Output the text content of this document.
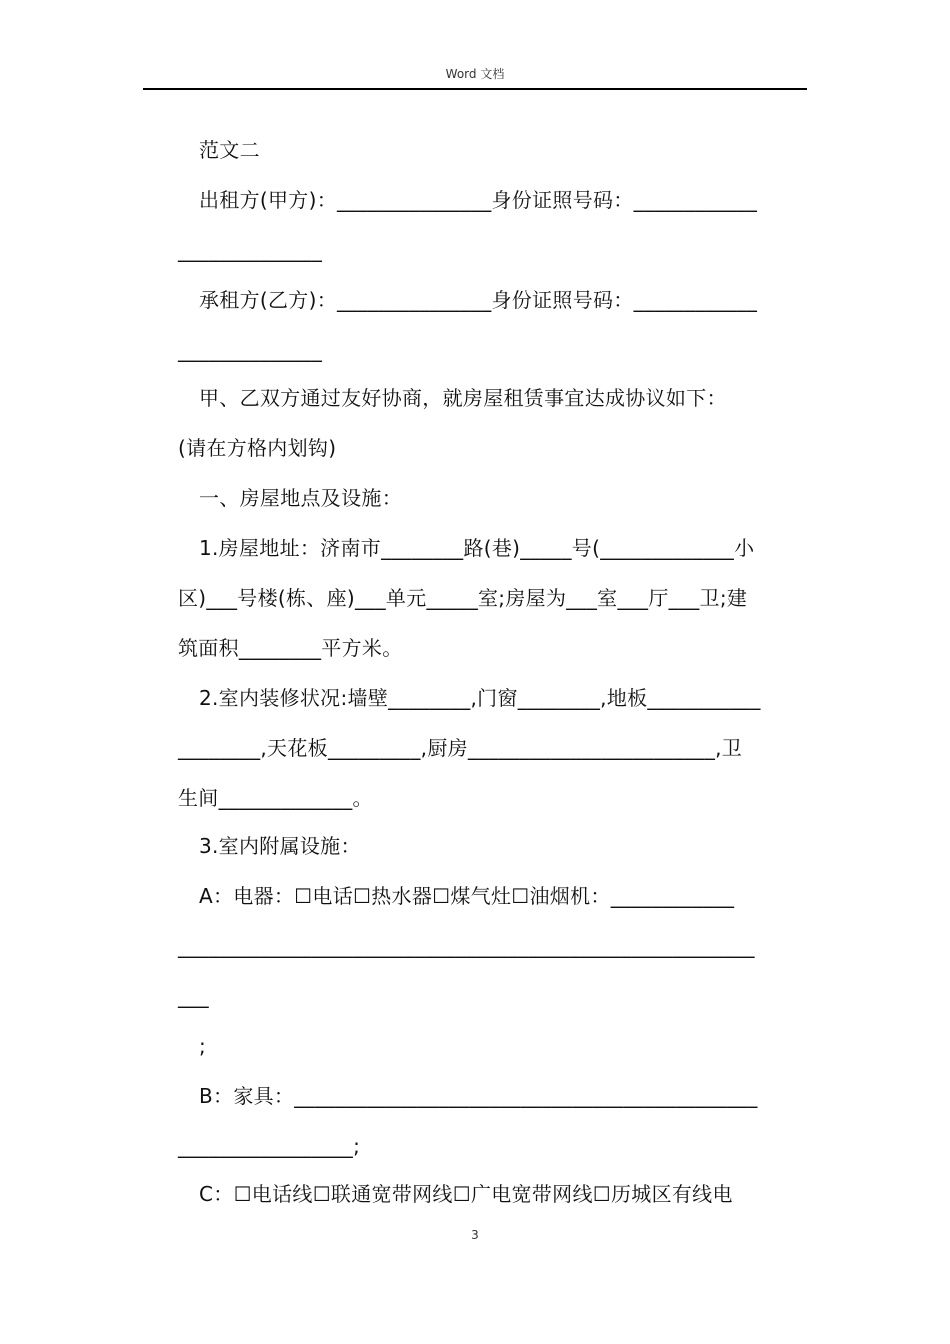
Word 文档
范文二
出租方(甲方)：_______________身份证照号码：____________
______________
承租方(乙方)：_______________身份证照号码：____________
______________
甲、乙双方通过友好协商，就房屋租赁事宜达成协议如下：
(请在方格内划钩)
一、房屋地点及设施：
1.房屋地址：济南市________路(巷)_____号(_____________小
区)___号楼(栋、座)___单元_____室;房屋为___室___厅___卫;建
筑面积________平方米。
2.室内装修状况:墙壁________,门窗________,地板___________
________,天花板_________,厨房________________________,卫
生间_____________。
3.室内附属设施：
A：电器：☐电话☐热水器☐煤气灶☐油烟机：____________
________________________________________________________
___
;
B：家具：_____________________________________________
_________________;
C：☐电话线☐联通宽带网线☐广电宽带网线☐历城区有线电
3
